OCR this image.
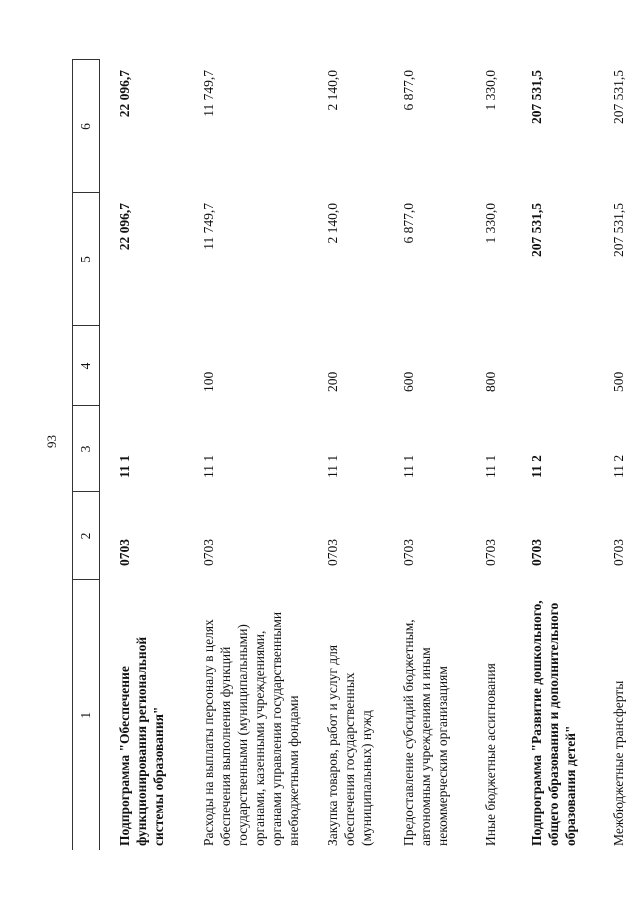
93
1	2	3	4	5	6
Подпрограмма "Обеспечение функционирования региональной системы образования"	0703	11 1		22 096,7	22 096,7
Расходы на выплаты персоналу в целях обеспечения выполнения функций государственными (муниципальными) органами, казенными учреждениями, органами управления государственными внебюджетными фондами	0703	11 1	100	11 749,7	11 749,7
Закупка товаров, работ и услуг для обеспечения государственных (муниципальных) нужд	0703	11 1	200	2 140,0	2 140,0
Предоставление субсидий бюджетным, автономным учреждениям и иным некоммерческим организациям	0703	11 1	600	6 877,0	6 877,0
Иные бюджетные ассигнования	0703	11 1	800	1 330,0	1 330,0
Подпрограмма "Развитие дошкольного, общего образования и дополнительного образования детей"	0703	11 2		207 531,5	207 531,5
Межбюджетные трансферты	0703	11 2	500	207 531,5	207 531,5
